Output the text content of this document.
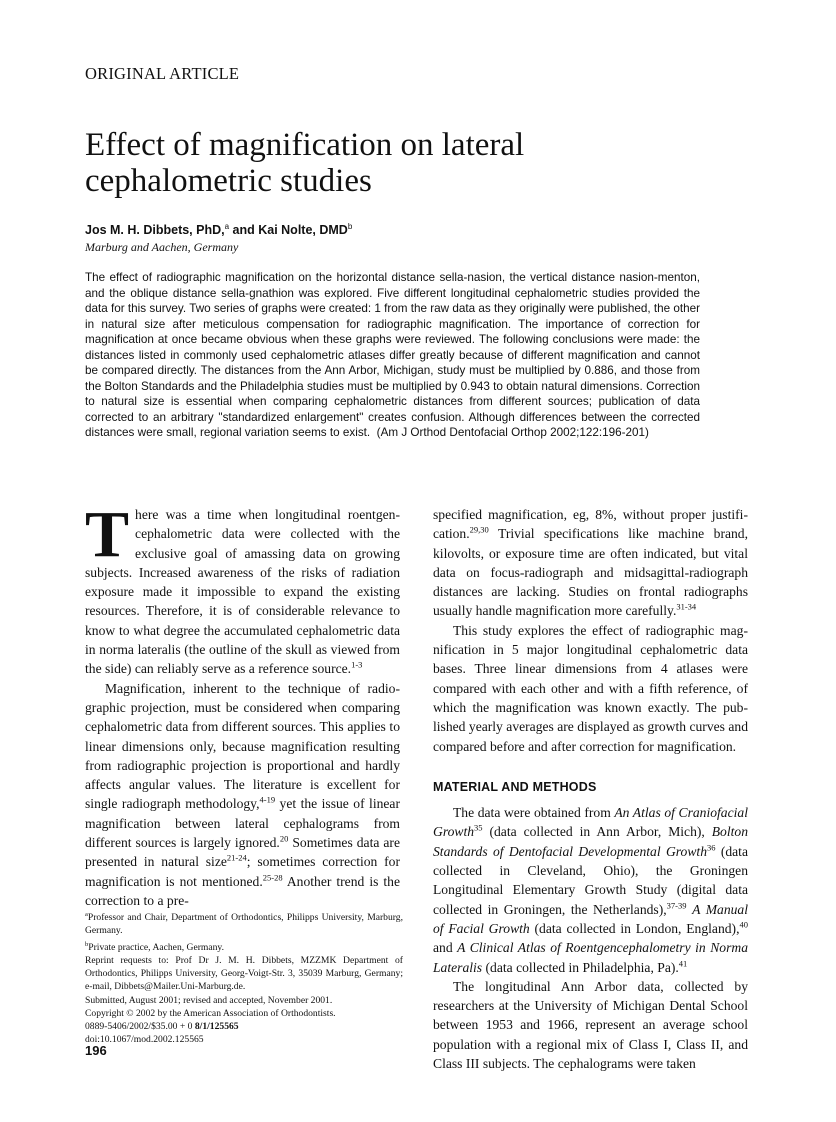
ORIGINAL ARTICLE
Effect of magnification on lateral cephalometric studies
Jos M. H. Dibbets, PhD,$^a$ and Kai Nolte, DMD$^b$
Marburg and Aachen, Germany
The effect of radiographic magnification on the horizontal distance sella-nasion, the vertical distance nasion-menton, and the oblique distance sella-gnathion was explored. Five different longitudinal cephalometric studies provided the data for this survey. Two series of graphs were created: 1 from the raw data as they originally were published, the other in natural size after meticulous compensation for radiographic magnification. The importance of correction for magnification at once became obvious when these graphs were reviewed. The following conclusions were made: the distances listed in commonly used cephalometric atlases differ greatly because of different magnification and cannot be compared directly. The distances from the Ann Arbor, Michigan, study must be multiplied by 0.886, and those from the Bolton Standards and the Philadelphia studies must be multiplied by 0.943 to obtain natural dimensions. Correction to natural size is essential when comparing cephalometric distances from different sources; publication of data corrected to an arbitrary "standardized enlargement" creates confusion. Although differences between the corrected distances were small, regional variation seems to exist. (Am J Orthod Dentofacial Orthop 2002;122:196-201)

There was a time when longitudinal roentgen-cephalometric data were collected with the exclusive goal of amassing data on growing subjects. Increased awareness of the risks of radiation exposure made it impossible to expand the existing resources. Therefore, it is of considerable relevance to know to what degree the accumulated cephalometric data in norma lateralis (the outline of the skull as viewed from the side) can reliably serve as a reference source.$^{1-3}$

Magnification, inherent to the technique of radiographic projection, must be considered when comparing cephalometric data from different sources. This applies to linear dimensions only, because magnification resulting from radiographic projection is proportional and hardly affects angular values. The literature is excellent for single radiograph methodology,$^{4-19}$ yet the issue of linear magnification between lateral cephalograms from different sources is largely ignored.$^{20}$ Sometimes data are presented in natural size$^{21-24}$; sometimes correction for magnification is not mentioned.$^{25-28}$ Another trend is the correction to a pre-

specified magnification, eg, 8%, without proper justification.$^{29,30}$ Trivial specifications like machine brand, kilovolts, or exposure time are often indicated, but vital data on focus-radiograph and midsagittal-radiograph distances are lacking. Studies on frontal radiographs usually handle magnification more carefully.$^{31-34}$

This study explores the effect of radiographic magnification in 5 major longitudinal cephalometric data bases. Three linear dimensions from 4 atlases were compared with each other and with a fifth reference, of which the magnification was known exactly. The published yearly averages are displayed as growth curves and compared before and after correction for magnification.

MATERIAL AND METHODS

The data were obtained from An Atlas of Craniofacial Growth$^{35}$ (data collected in Ann Arbor, Mich), Bolton Standards of Dentofacial Developmental Growth$^{36}$ (data collected in Cleveland, Ohio), the Groningen Longitudinal Elementary Growth Study (digital data collected in Groningen, the Netherlands),$^{37-39}$ A Manual of Facial Growth (data collected in London, England),$^{40}$ and A Clinical Atlas of Roentgencephalometry in Norma Lateralis (data collected in Philadelphia, Pa).$^{41}$

The longitudinal Ann Arbor data, collected by researchers at the University of Michigan Dental School between 1953 and 1966, represent an average school population with a regional mix of Class I, Class II, and Class III subjects. The cephalograms were taken

$^a$Professor and Chair, Department of Orthodontics, Philipps University, Marburg, Germany.
$^b$Private practice, Aachen, Germany.
Reprint requests to: Prof Dr J. M. H. Dibbets, MZZMK Department of Orthodontics, Philipps University, Georg-Voigt-Str. 3, 35039 Marburg, Germany; e-mail, Dibbets@Mailer.Uni-Marburg.de.
Submitted, August 2001; revised and accepted, November 2001.
Copyright © 2002 by the American Association of Orthodontists.
0889-5406/2002/$35.00 + 0 8/1/125565
doi:10.1067/mod.2002.125565
196
